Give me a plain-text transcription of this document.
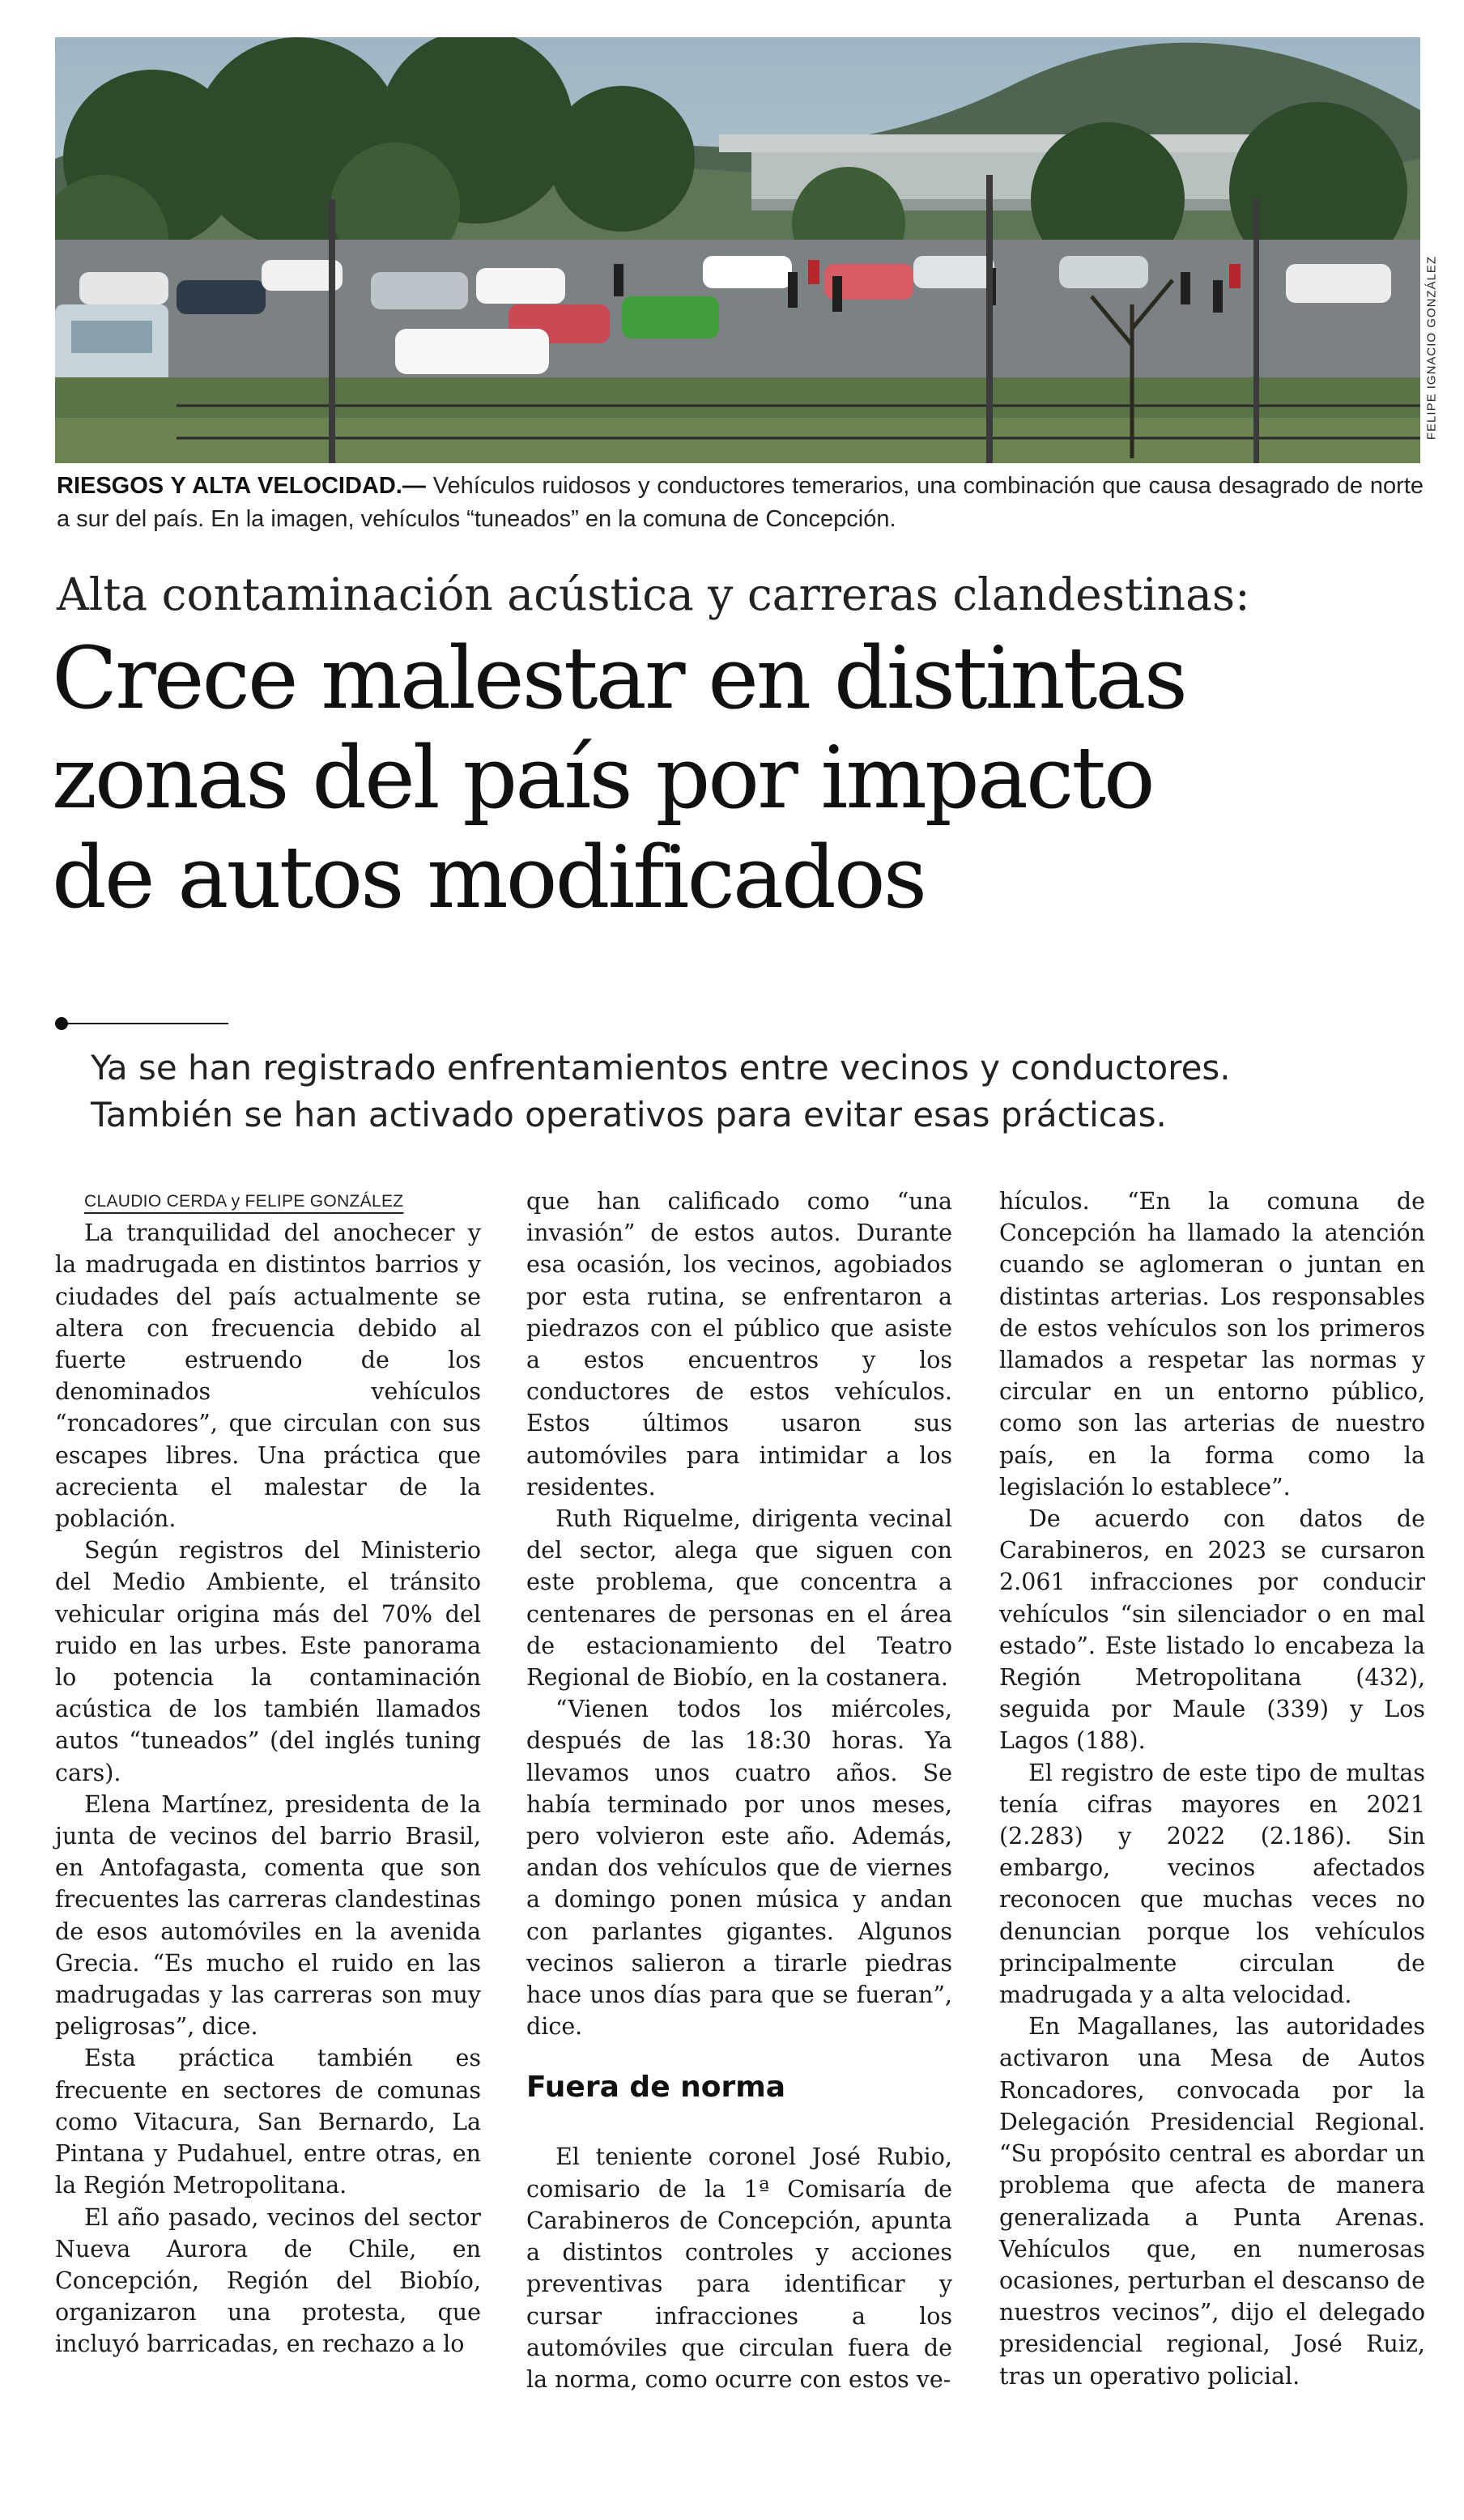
FELIPE IGNACIO GONZÁLEZ
RIESGOS Y ALTA VELOCIDAD.— Vehículos ruidosos y conductores temerarios, una combinación que causa desagrado de norte a sur del país. En la imagen, vehículos “tuneados” en la comuna de Concepción.
Alta contaminación acústica y carreras clandestinas:
Crece malestar en distintas
zonas del país por impacto
de autos modificados
Ya se han registrado enfrentamientos entre vecinos y conductores.
También se han activado operativos para evitar esas prácticas.

CLAUDIO CERDA y FELIPE GONZÁLEZ

La tranquilidad del anochecer y la madrugada en distintos barrios y ciudades del país actualmente se altera con frecuencia debido al fuerte estruendo de los denominados vehículos “roncadores”, que circulan con sus escapes libres. Una práctica que acrecienta el malestar de la población.

Según registros del Ministerio del Medio Ambiente, el tránsito vehicular origina más del 70% del ruido en las urbes. Este panorama lo potencia la contaminación acústica de los también llamados autos “tuneados” (del inglés tuning cars).

Elena Martínez, presidenta de la junta de vecinos del barrio Brasil, en Antofagasta, comenta que son frecuentes las carreras clandestinas de esos automóviles en la avenida Grecia. “Es mucho el ruido en las madrugadas y las carreras son muy peligrosas”, dice.

Esta práctica también es frecuente en sectores de comunas como Vitacura, San Bernardo, La Pintana y Pudahuel, entre otras, en la Región Metropolitana.

El año pasado, vecinos del sector Nueva Aurora de Chile, en Concepción, Región del Biobío, organizaron una protesta, que incluyó barricadas, en rechazo a lo

que han calificado como “una invasión” de estos autos. Durante esa ocasión, los vecinos, agobiados por esta rutina, se enfrentaron a piedrazos con el público que asiste a estos encuentros y los conductores de estos vehículos. Estos últimos usaron sus automóviles para intimidar a los residentes.

Ruth Riquelme, dirigenta vecinal del sector, alega que siguen con este problema, que concentra a centenares de personas en el área de estacionamiento del Teatro Regional de Biobío, en la costanera.

“Vienen todos los miércoles, después de las 18:30 horas. Ya llevamos unos cuatro años. Se había terminado por unos meses, pero volvieron este año. Además, andan dos vehículos que de viernes a domingo ponen música y andan con parlantes gigantes. Algunos vecinos salieron a tirarle piedras hace unos días para que se fueran”, dice.

Fuera de norma

El teniente coronel José Rubio, comisario de la 1ª Comisaría de Carabineros de Concepción, apunta a distintos controles y acciones preventivas para identificar y cursar infracciones a los automóviles que circulan fuera de la norma, como ocurre con estos ve-

hículos. “En la comuna de Concepción ha llamado la atención cuando se aglomeran o juntan en distintas arterias. Los responsables de estos vehículos son los primeros llamados a respetar las normas y circular en un entorno público, como son las arterias de nuestro país, en la forma como la legislación lo establece”.

De acuerdo con datos de Carabineros, en 2023 se cursaron 2.061 infracciones por conducir vehículos “sin silenciador o en mal estado”. Este listado lo encabeza la Región Metropolitana (432), seguida por Maule (339) y Los Lagos (188).

El registro de este tipo de multas tenía cifras mayores en 2021 (2.283) y 2022 (2.186). Sin embargo, vecinos afectados reconocen que muchas veces no denuncian porque los vehículos principalmente circulan de madrugada y a alta velocidad.

En Magallanes, las autoridades activaron una Mesa de Autos Roncadores, convocada por la Delegación Presidencial Regional. “Su propósito central es abordar un problema que afecta de manera generalizada a Punta Arenas. Vehículos que, en numerosas ocasiones, perturban el descanso de nuestros vecinos”, dijo el delegado presidencial regional, José Ruiz, tras un operativo policial.
